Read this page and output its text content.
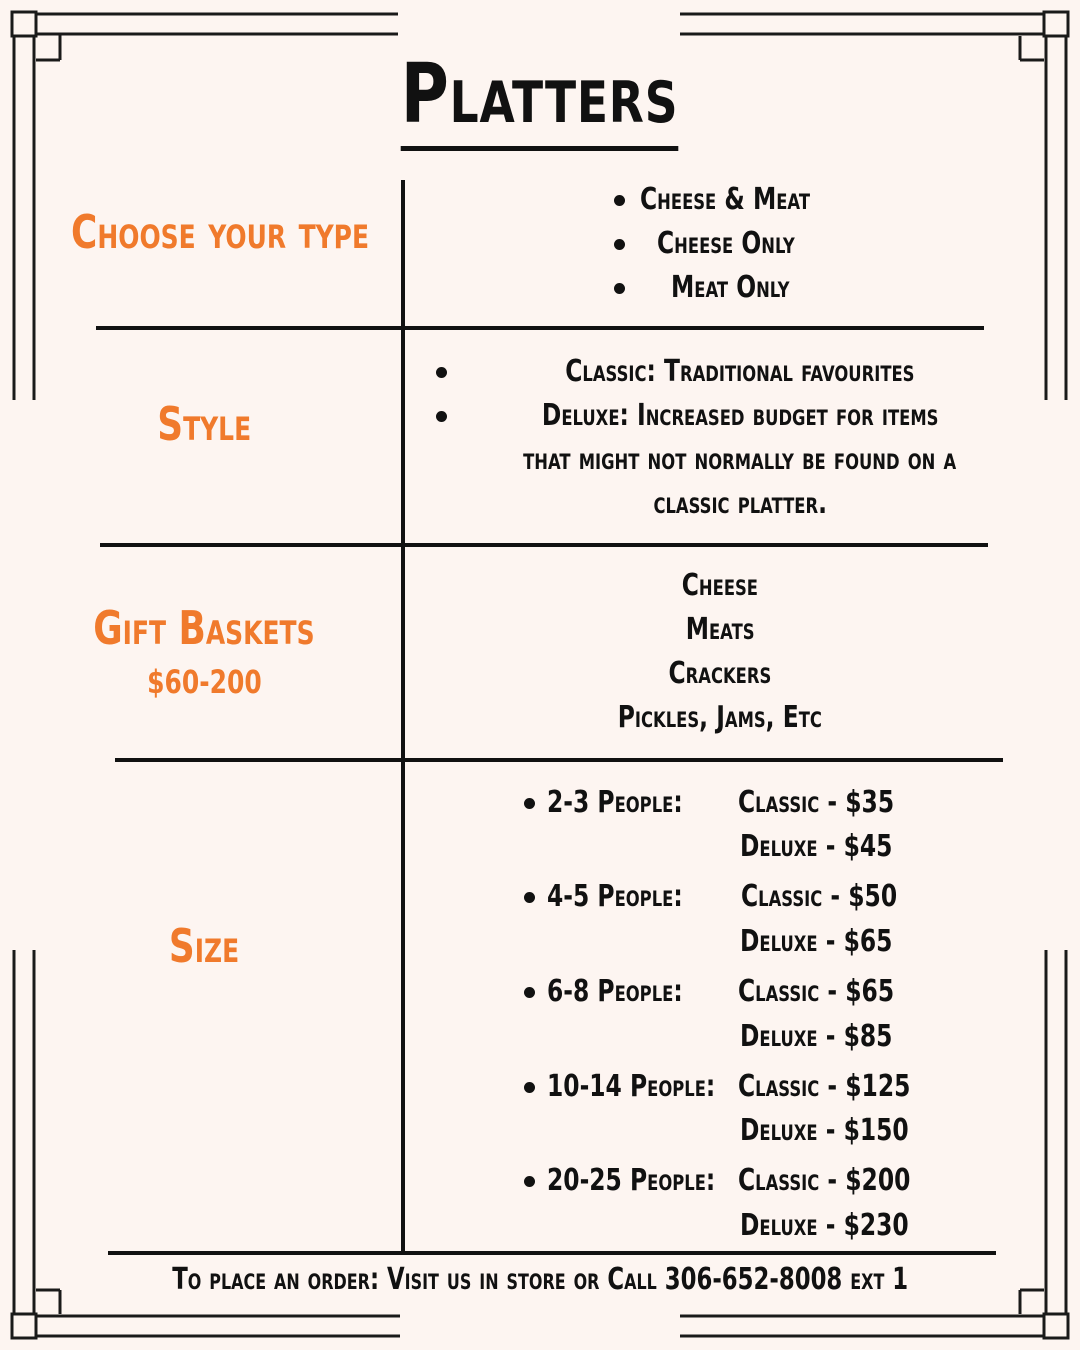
Platters
Choose your type
Cheese & Meat
Cheese Only
Meat Only
Style
Classic: Traditional favourites
Deluxe: Increased budget for items
that might not normally be found on a
classic platter.
Gift Baskets
$60-200
Cheese
Meats
Crackers
Pickles, Jams, Etc
Size
2-3 People:	Classic - $35
Deluxe - $45
4-5 People:	Classic - $50
Deluxe - $65
6-8 People:	Classic - $65
Deluxe - $85
10-14 People: Classic - $125
Deluxe - $150
20-25 People: Classic - $200
Deluxe - $230
To place an order: Visit us in store or Call 306-652-8008 ext 1
